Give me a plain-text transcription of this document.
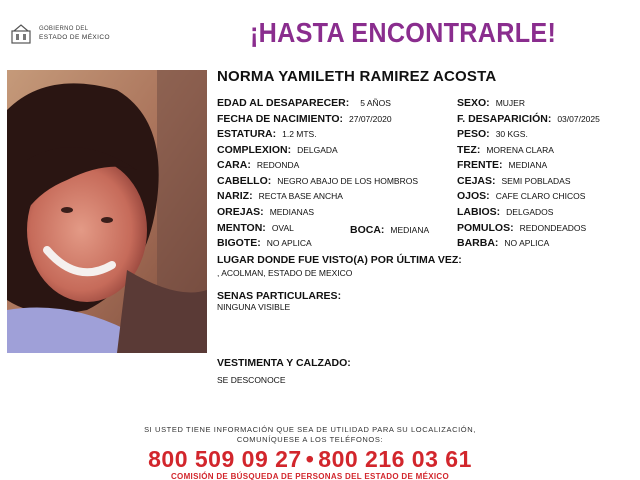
GOBIERNO DEL
ESTADO DE MÉXICO	¡HASTA ENCONTRARLE!
NORMA YAMILETH RAMIREZ ACOSTA
EDAD AL DESAPARECER: 5 AÑOS
FECHA DE NACIMIENTO: 27/07/2020
ESTATURA: 1.2 MTS.
COMPLEXION: DELGADA
CARA: REDONDA
CABELLO: NEGRO ABAJO DE LOS HOMBROS
NARIZ: RECTA BASE ANCHA
OREJAS: MEDIANAS
MENTON: OVAL	BOCA: MEDIANA
BIGOTE: NO APLICA
SEXO: MUJER
F. DESAPARICIÓN: 03/07/2025
PESO: 30 KGS.
TEZ: MORENA CLARA
FRENTE: MEDIANA
CEJAS: SEMI POBLADAS
OJOS: CAFE CLARO CHICOS
LABIOS: DELGADOS
POMULOS: REDONDEADOS
BARBA: NO APLICA
LUGAR DONDE FUE VISTO(A) POR ÚLTIMA VEZ:
, ACOLMAN, ESTADO DE MEXICO
SENAS PARTICULARES:
NINGUNA VISIBLE
VESTIMENTA Y CALZADO:
SE DESCONOCE
SI USTED TIENE INFORMACIÓN QUE SEA DE UTILIDAD PARA SU LOCALIZACIÓN,
COMUNÍQUESE A LOS TELÉFONOS:
800 509 09 27 • 800 216 03 61
COMISIÓN DE BÚSQUEDA DE PERSONAS DEL ESTADO DE MÉXICO
